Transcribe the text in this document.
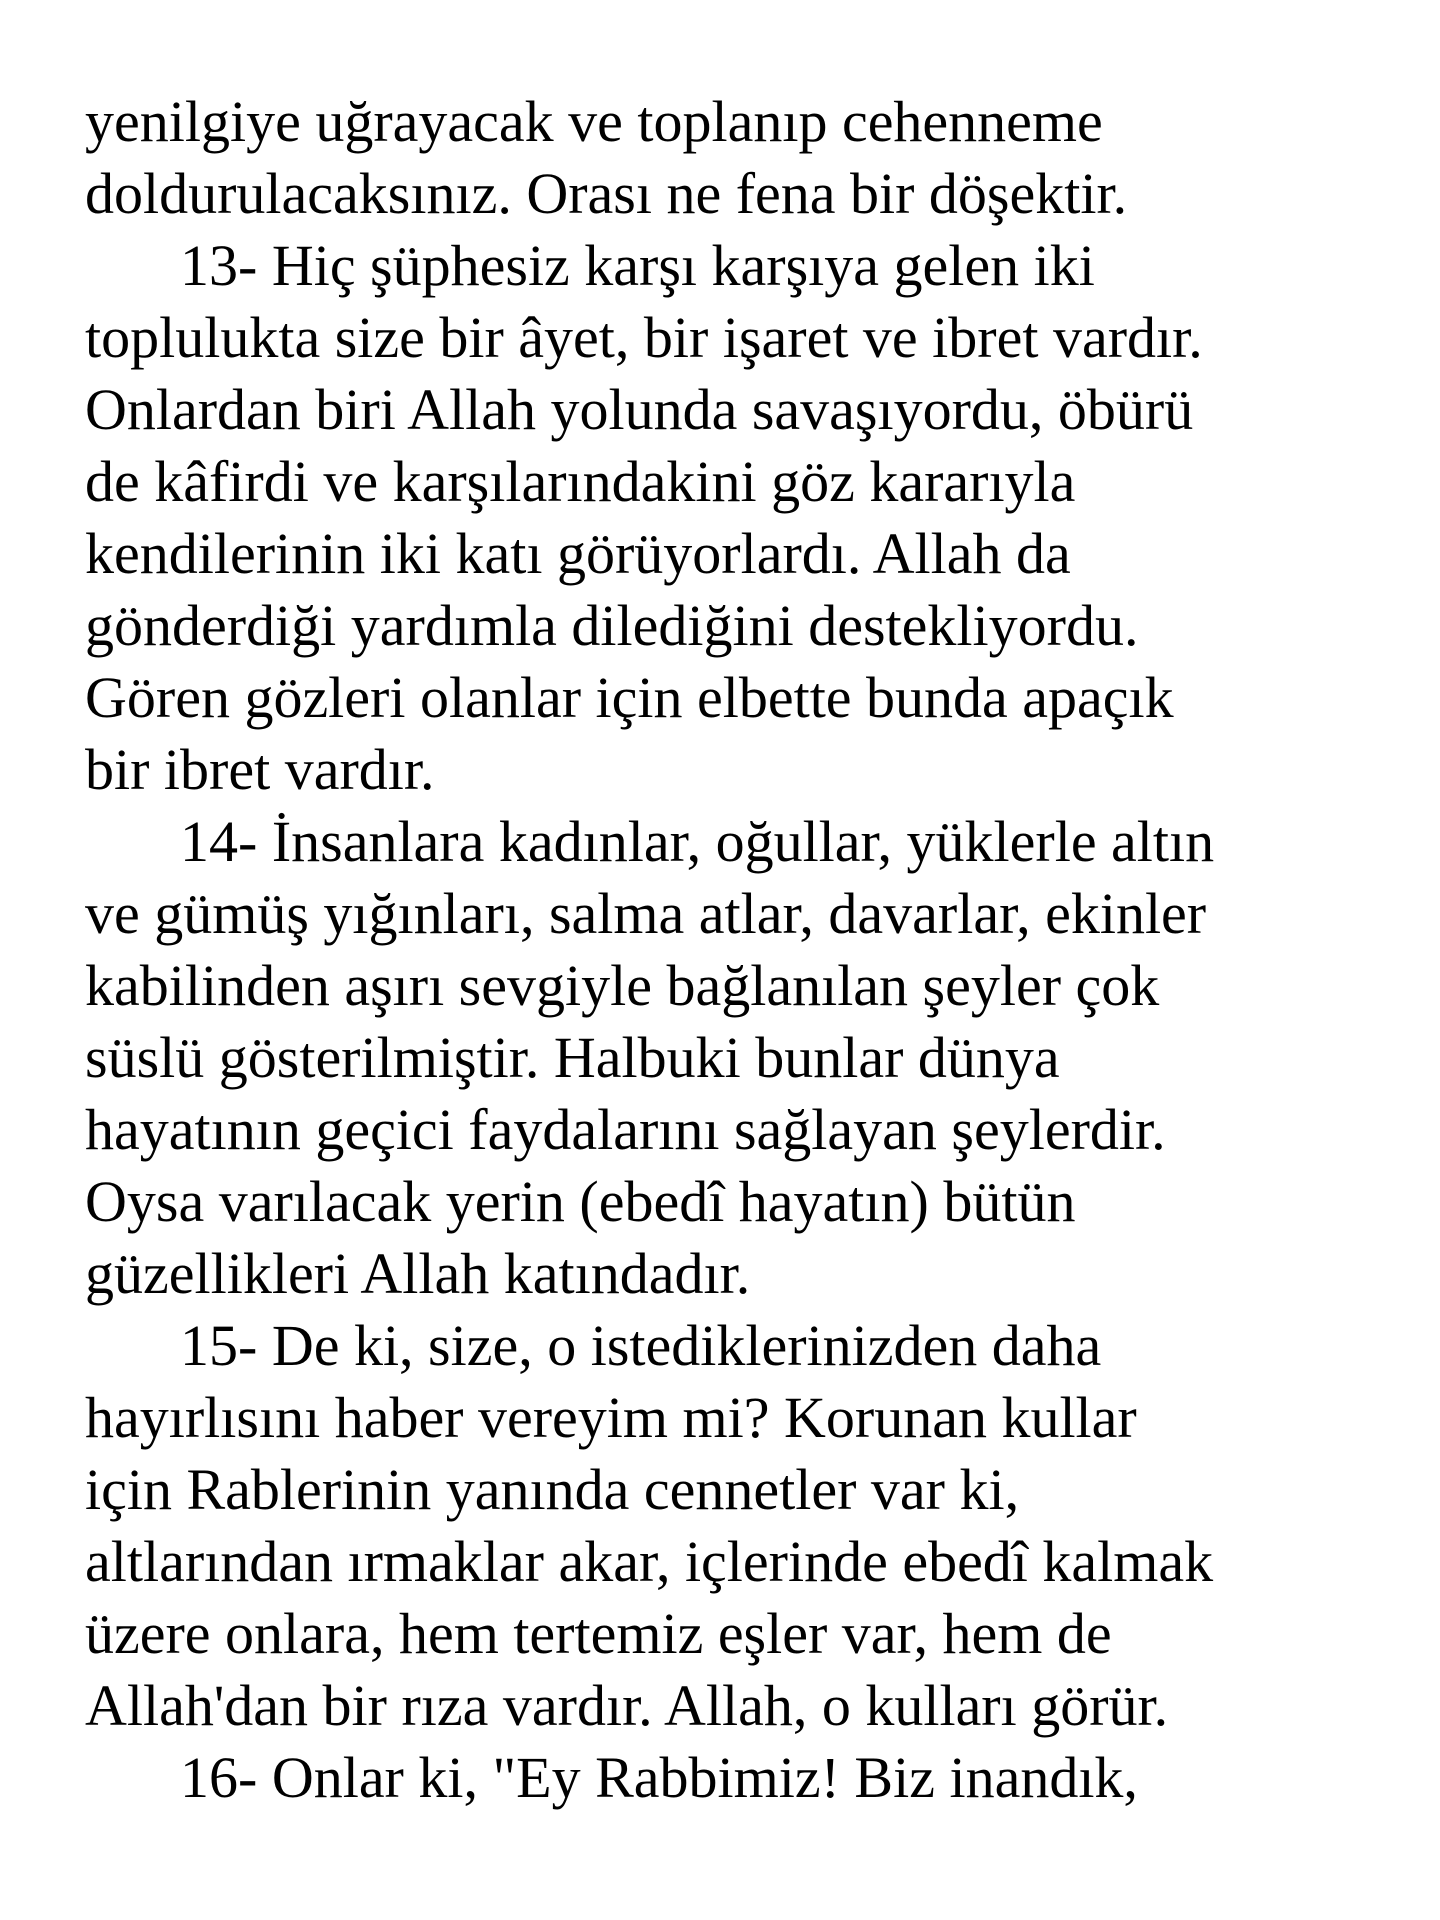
yenilgiye uğrayacak ve toplanıp cehenneme
doldurulacaksınız. Orası ne fena bir döşektir.
13- Hiç şüphesiz karşı karşıya gelen iki
toplulukta size bir âyet, bir işaret ve ibret vardır.
Onlardan biri Allah yolunda savaşıyordu, öbürü
de kâfirdi ve karşılarındakini göz kararıyla
kendilerinin iki katı görüyorlardı. Allah da
gönderdiği yardımla dilediğini destekliyordu.
Gören gözleri olanlar için elbette bunda apaçık
bir ibret vardır.
14- İnsanlara kadınlar, oğullar, yüklerle altın
ve gümüş yığınları, salma atlar, davarlar, ekinler
kabilinden aşırı sevgiyle bağlanılan şeyler çok
süslü gösterilmiştir. Halbuki bunlar dünya
hayatının geçici faydalarını sağlayan şeylerdir.
Oysa varılacak yerin (ebedî hayatın) bütün
güzellikleri Allah katındadır.
15- De ki, size, o istediklerinizden daha
hayırlısını haber vereyim mi? Korunan kullar
için Rablerinin yanında cennetler var ki,
altlarından ırmaklar akar, içlerinde ebedî kalmak
üzere onlara, hem tertemiz eşler var, hem de
Allah'dan bir rıza vardır. Allah, o kulları görür.
16- Onlar ki, "Ey Rabbimiz! Biz inandık,
